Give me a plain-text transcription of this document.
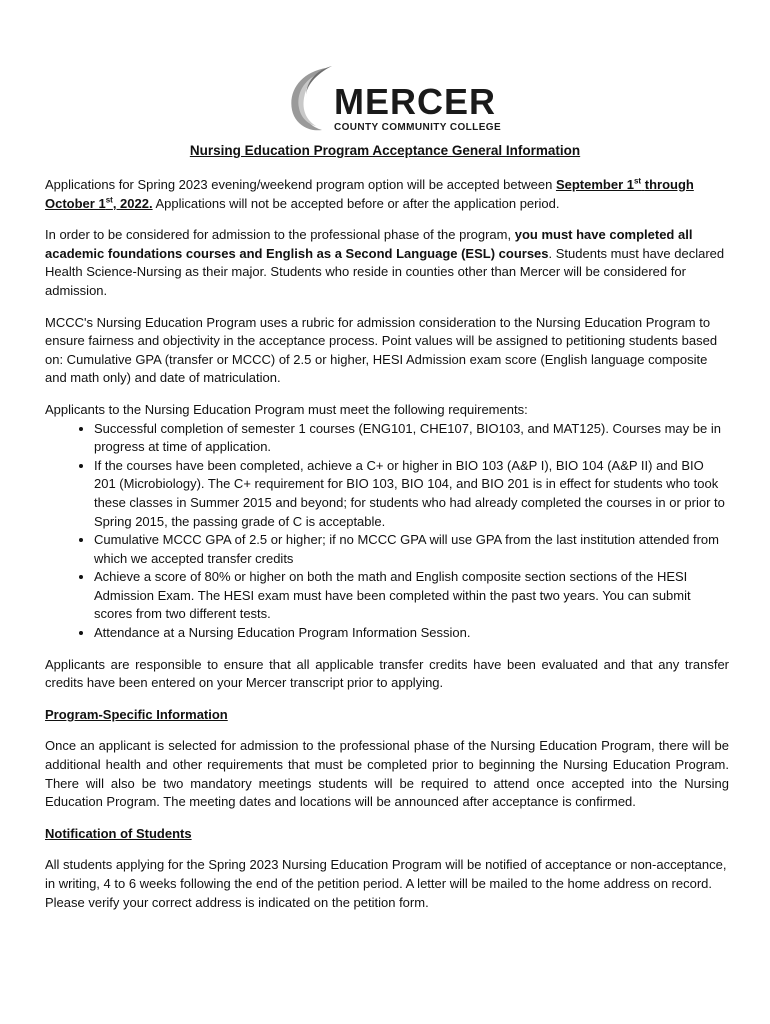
MERCER
COUNTY COMMUNITY COLLEGE
Nursing Education Program Acceptance General Information

Applications for Spring 2023 evening/weekend program option will be accepted between September 1st through October 1st, 2022. Applications will not be accepted before or after the application period.

In order to be considered for admission to the professional phase of the program, you must have completed all academic foundations courses and English as a Second Language (ESL) courses. Students must have declared Health Science-Nursing as their major. Students who reside in counties other than Mercer will be considered for admission.

MCCC's Nursing Education Program uses a rubric for admission consideration to the Nursing Education Program to ensure fairness and objectivity in the acceptance process. Point values will be assigned to petitioning students based on: Cumulative GPA (transfer or MCCC) of 2.5 or higher, HESI Admission exam score (English language composite and math only) and date of matriculation.

Applicants to the Nursing Education Program must meet the following requirements:
• Successful completion of semester 1 courses (ENG101, CHE107, BIO103, and MAT125). Courses may be in progress at time of application.
• If the courses have been completed, achieve a C+ or higher in BIO 103 (A&P I), BIO 104 (A&P II) and BIO 201 (Microbiology). The C+ requirement for BIO 103, BIO 104, and BIO 201 is in effect for students who took these classes in Summer 2015 and beyond; for students who had already completed the courses in or prior to Spring 2015, the passing grade of C is acceptable.
• Cumulative MCCC GPA of 2.5 or higher; if no MCCC GPA will use GPA from the last institution attended from which we accepted transfer credits
• Achieve a score of 80% or higher on both the math and English composite section sections of the HESI Admission Exam. The HESI exam must have been completed within the past two years. You can submit scores from two different tests.
• Attendance at a Nursing Education Program Information Session.

Applicants are responsible to ensure that all applicable transfer credits have been evaluated and that any transfer credits have been entered on your Mercer transcript prior to applying.

Program-Specific Information

Once an applicant is selected for admission to the professional phase of the Nursing Education Program, there will be additional health and other requirements that must be completed prior to beginning the Nursing Education Program. There will also be two mandatory meetings students will be required to attend once accepted into the Nursing Education Program. The meeting dates and locations will be announced after acceptance is confirmed.

Notification of Students

All students applying for the Spring 2023 Nursing Education Program will be notified of acceptance or non-acceptance, in writing, 4 to 6 weeks following the end of the petition period. A letter will be mailed to the home address on record. Please verify your correct address is indicated on the petition form.
